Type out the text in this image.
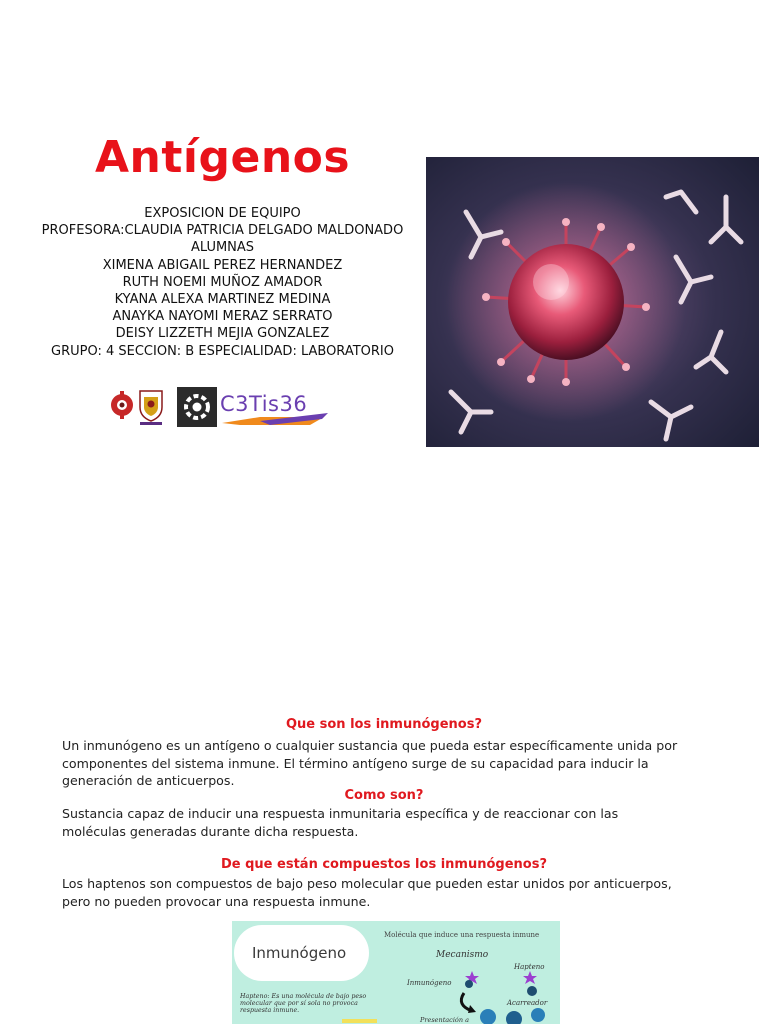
Antígenos
EXPOSICION DE EQUIPO
PROFESORA:CLAUDIA PATRICIA DELGADO MALDONADO
ALUMNAS
XIMENA ABIGAIL PEREZ HERNANDEZ
RUTH NOEMI MUÑOZ AMADOR
KYANA ALEXA MARTINEZ MEDINA
ANAYKA NAYOMI MERAZ SERRATO
DEISY LIZZETH MEJIA GONZALEZ
GRUPO: 4 SECCION: B ESPECIALIDAD: LABORATORIO
C3Tis36
Que son los inmunógenos?
Un inmunógeno es un antígeno o cualquier sustancia que pueda estar específicamente unida por componentes del sistema inmune. El término antígeno surge de su capacidad para inducir la generación de anticuerpos.
Como son?
Sustancia capaz de inducir una respuesta inmunitaria específica y de reaccionar con las moléculas generadas durante dicha respuesta.
De que están compuestos los inmunógenos?
Los haptenos son compuestos de bajo peso molecular que pueden estar unidos por anticuerpos, pero no pueden provocar una respuesta inmune.
Inmunógeno
Molécula que induce una respuesta inmune
Mecanismo
Hapteno
Inmunógeno
Acarreador
Hapteno: Es una molécula de bajo peso molecular que por sí sola no provoca respuesta inmune.
Presentación a
